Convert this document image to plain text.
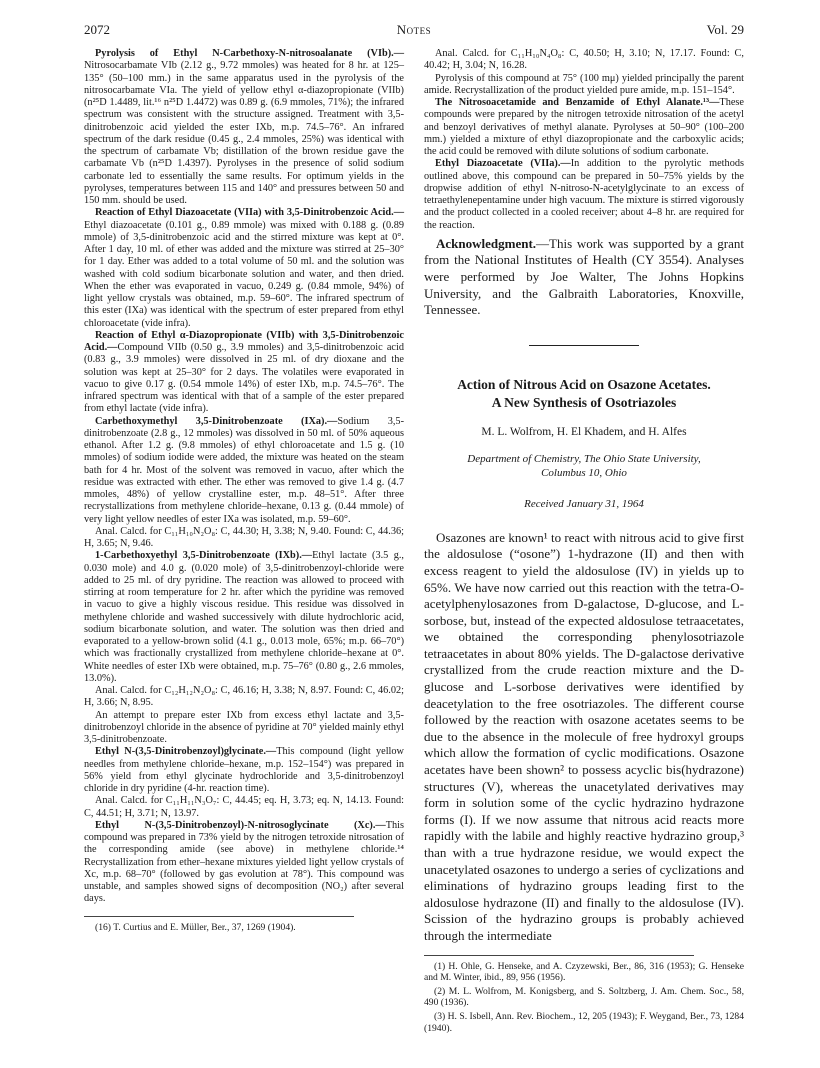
Notes
2072	Vol. 29

Pyrolysis of Ethyl N-Carbethoxy-N-nitrosoalanate (VIb).—Nitrosocarbamate VIb (2.12 g., 9.72 mmoles) was heated for 8 hr. at 125–135° (50–100 mm.) in the same apparatus used in the pyrolysis of the nitrosocarbamate VIa. The yield of yellow ethyl α-diazopropionate (VIIb) (n²⁵D 1.4489, lit.¹⁶ n²⁵D 1.4472) was 0.89 g. (6.9 mmoles, 71%); the infrared spectrum was consistent with the structure assigned. Treatment with 3,5-dinitrobenzoic acid yielded the ester IXb, m.p. 74.5–76°. An infrared spectrum of the dark residue (0.45 g., 2.4 mmoles, 25%) was identical with the spectrum of carbamate Vb; distillation of the brown residue gave the carbamate Vb (n²⁵D 1.4397). Pyrolyses in the presence of solid sodium carbonate led to essentially the same results. For optimum yields in the pyrolyses, temperatures between 115 and 140° and pressures between 50 and 150 mm. should be used.

Reaction of Ethyl Diazoacetate (VIIa) with 3,5-Dinitrobenzoic Acid.—Ethyl diazoacetate (0.101 g., 0.89 mmole) was mixed with 0.188 g. (0.89 mmole) of 3,5-dinitrobenzoic acid and the stirred mixture was kept at 0°. After 1 day, 10 ml. of ether was added and the mixture was stirred at 25–30° for 1 day. Ether was added to a total volume of 50 ml. and the solution was washed with cold sodium bicarbonate solution and water, and then dried. When the ether was evaporated in vacuo, 0.249 g. (0.84 mmole, 94%) of light yellow crystals was obtained, m.p. 59–60°. The infrared spectrum of this ester (IXa) was identical with the spectrum of ester prepared from ethyl chloroacetate (vide infra).

Reaction of Ethyl α-Diazopropionate (VIIb) with 3,5-Dinitrobenzoic Acid.—Compound VIIb (0.50 g., 3.9 mmoles) and 3,5-dinitrobenzoic acid (0.83 g., 3.9 mmoles) were dissolved in 25 ml. of dry dioxane and the solution was kept at 25–30° for 2 days. The volatiles were evaporated in vacuo to give 0.17 g. (0.54 mmole 14%) of ester IXb, m.p. 74.5–76°. The infrared spectrum was identical with that of a sample of the ester prepared from ethyl lactate (vide infra).

Carbethoxymethyl 3,5-Dinitrobenzoate (IXa).—Sodium 3,5-dinitrobenzoate (2.8 g., 12 mmoles) was dissolved in 50 ml. of 50% aqueous ethanol. After 1.2 g. (9.8 mmoles) of ethyl chloroacetate and 1.5 g. (10 mmoles) of sodium iodide were added, the mixture was heated on the steam bath for 4 hr. Most of the solvent was removed in vacuo, after which the residue was extracted with ether. The ether was removed to give 1.4 g. (4.7 mmoles, 48%) of yellow crystalline ester, m.p. 48–51°. After three recrystallizations from methylene chloride–hexane, 0.13 g. (0.44 mmole) of very light yellow needles of ester IXa was isolated, m.p. 59–60°.

Anal. Calcd. for C₁₁H₁₀N₂O₈: C, 44.30; H, 3.38; N, 9.40. Found: C, 44.36; H, 3.65; N, 9.46.

1-Carbethoxyethyl 3,5-Dinitrobenzoate (IXb).—Ethyl lactate (3.5 g., 0.030 mole) and 4.0 g. (0.020 mole) of 3,5-dinitrobenzoyl-chloride were added to 25 ml. of dry pyridine. The reaction was allowed to proceed with stirring at room temperature for 2 hr. after which the pyridine was removed in vacuo to give a highly viscous residue. This residue was dissolved in methylene chloride and washed successively with dilute hydrochloric acid, sodium bicarbonate solution, and water. The solution was then dried and evaporated to a yellow-brown solid (4.1 g., 0.013 mole, 65%; m.p. 66–70°) which was fractionally crystallized from methylene chloride–hexane at 0°. White needles of ester IXb were obtained, m.p. 75–76° (0.80 g., 2.6 mmoles, 13.0%).

Anal. Calcd. for C₁₂H₁₂N₂O₈: C, 46.16; H, 3.38; N, 8.97. Found: C, 46.02; H, 3.66; N, 8.95.

An attempt to prepare ester IXb from excess ethyl lactate and 3,5-dinitrobenzoyl chloride in the absence of pyridine at 70° yielded mainly ethyl 3,5-dinitrobenzoate.

Ethyl N-(3,5-Dinitrobenzoyl)glycinate.—This compound (light yellow needles from methylene chloride–hexane, m.p. 152–154°) was prepared in 56% yield from ethyl glycinate hydrochloride and 3,5-dinitrobenzoyl chloride in dry pyridine (4-hr. reaction time).

Anal. Calcd. for C₁₁H₁₁N₃O₇: C, 44.45; eq. H, 3.73; eq. N, 14.13. Found: C, 44.51; H, 3.71; N, 13.97.

Ethyl N-(3,5-Dinitrobenzoyl)-N-nitrosoglycinate (Xc).—This compound was prepared in 73% yield by the nitrogen tetroxide nitrosation of the corresponding amide (see above) in methylene chloride.¹⁴ Recrystallization from ether–hexane mixtures yielded light yellow crystals of Xc, m.p. 68–70° (followed by gas evolution at 78°). This compound was unstable, and samples showed signs of decomposition (NO₂) after several days.

(16) T. Curtius and E. Müller, Ber., 37, 1269 (1904).

Anal. Calcd. for C₁₁H₁₀N₄O₈: C, 40.50; H, 3.10; N, 17.17. Found: C, 40.42; H, 3.04; N, 16.28.

Pyrolysis of this compound at 75° (100 mμ) yielded principally the parent amide. Recrystallization of the product yielded pure amide, m.p. 151–154°.

The Nitrosoacetamide and Benzamide of Ethyl Alanate.¹³—These compounds were prepared by the nitrogen tetroxide nitrosation of the acetyl and benzoyl derivatives of methyl alanate. Pyrolyses at 50–90° (100–200 mm.) yielded a mixture of ethyl diazopropionate and the carboxylic acids; the acid could be removed with dilute solutions of sodium carbonate.

Ethyl Diazoacetate (VIIa).—In addition to the pyrolytic methods outlined above, this compound can be prepared in 50–75% yields by the dropwise addition of ethyl N-nitroso-N-acetylglycinate to an excess of tetraethylenepentamine under high vacuum. The mixture is stirred vigorously and the product collected in a cooled receiver; about 4–8 hr. are required for the reaction.

Acknowledgment.—This work was supported by a grant from the National Institutes of Health (CY 3554). Analyses were performed by Joe Walter, The Johns Hopkins University, and the Galbraith Laboratories, Knoxville, Tennessee.

Action of Nitrous Acid on Osazone Acetates.
A New Synthesis of Osotriazoles
M. L. Wolfrom, H. El Khadem, and H. Alfes
Department of Chemistry, The Ohio State University,
Columbus 10, Ohio
Received January 31, 1964

Osazones are known¹ to react with nitrous acid to give first the aldosulose (“osone”) 1-hydrazone (II) and then with excess reagent to yield the aldosulose (IV) in yields up to 65%. We have now carried out this reaction with the tetra-O-acetylphenylosazones from D-galactose, D-glucose, and L-sorbose, but, instead of the expected aldosulose tetraacetates, we obtained the corresponding phenylosotriazole tetraacetates in about 80% yields. The D-galactose derivative crystallized from the crude reaction mixture and the D-glucose and L-sorbose derivatives were identified by deacetylation to the free osotriazoles. The different course followed by the reaction with osazone acetates seems to be due to the absence in the molecule of free hydroxyl groups which allow the formation of cyclic modifications. Osazone acetates have been shown² to possess acyclic bis(hydrazone) structures (V), whereas the unacetylated derivatives may form in solution some of the cyclic hydrazino hydrazone forms (I). If we now assume that nitrous acid reacts more rapidly with the labile and highly reactive hydrazino group,³ than with a true hydrazone residue, we would expect the unacetylated osazones to undergo a series of cyclizations and eliminations of hydrazino groups leading first to the aldosulose hydrazone (II) and finally to the aldosulose (IV). Scission of the hydrazino groups is probably achieved through the intermediate

(1) H. Ohle, G. Henseke, and A. Czyzewski, Ber., 86, 316 (1953); G. Henseke and M. Winter, ibid., 89, 956 (1956).

(2) M. L. Wolfrom, M. Konigsberg, and S. Soltzberg, J. Am. Chem. Soc., 58, 490 (1936).

(3) H. S. Isbell, Ann. Rev. Biochem., 12, 205 (1943); F. Weygand, Ber., 73, 1284 (1940).
